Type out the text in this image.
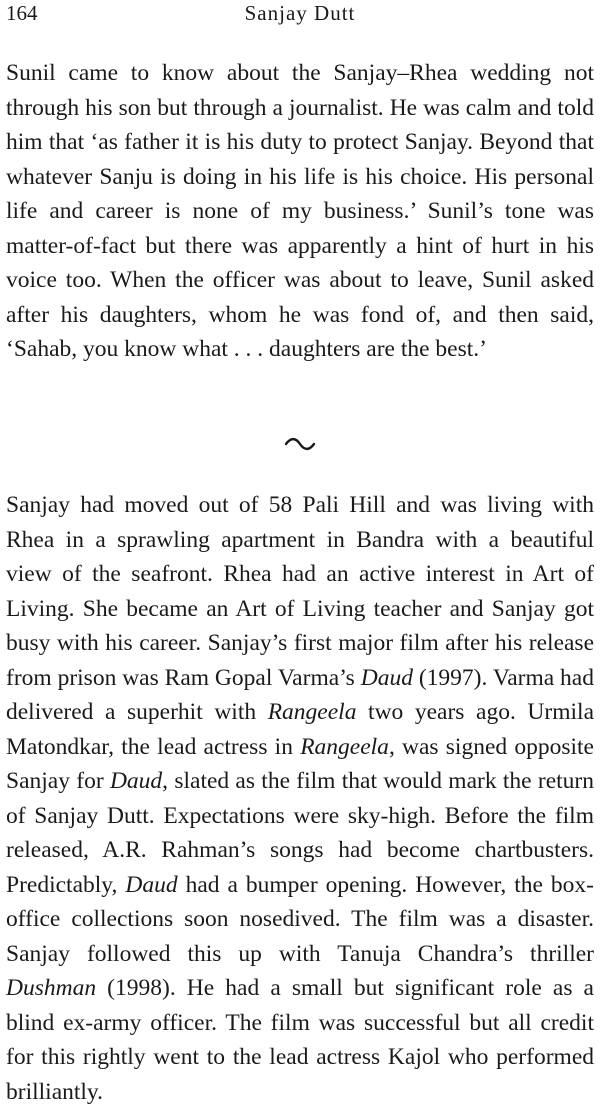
164	Sanjay Dutt

Sunil came to know about the Sanjay–Rhea wedding not through his son but through a journalist. He was calm and told him that ‘as father it is his duty to protect Sanjay. Beyond that whatever Sanju is doing in his life is his choice. His personal life and career is none of my business.’ Sunil’s tone was matter-of-fact but there was apparently a hint of hurt in his voice too. When the officer was about to leave, Sunil asked after his daughters, whom he was fond of, and then said, ‘Sahab, you know what . . . daughters are the best.’

Sanjay had moved out of 58 Pali Hill and was living with Rhea in a sprawling apartment in Bandra with a beautiful view of the seafront. Rhea had an active interest in Art of Living. She became an Art of Living teacher and Sanjay got busy with his career. Sanjay’s first major film after his release from prison was Ram Gopal Varma’s Daud (1997). Varma had delivered a superhit with Rangeela two years ago. Urmila Matondkar, the lead actress in Rangeela, was signed opposite Sanjay for Daud, slated as the film that would mark the return of Sanjay Dutt. Expectations were sky-high. Before the film released, A.R. Rahman’s songs had become chartbusters. Predictably, Daud had a bumper opening. However, the box-office collections soon nosedived. The film was a disaster. Sanjay followed this up with Tanuja Chandra’s thriller Dushman (1998). He had a small but significant role as a blind ex-army officer. The film was successful but all credit for this rightly went to the lead actress Kajol who performed brilliantly.
